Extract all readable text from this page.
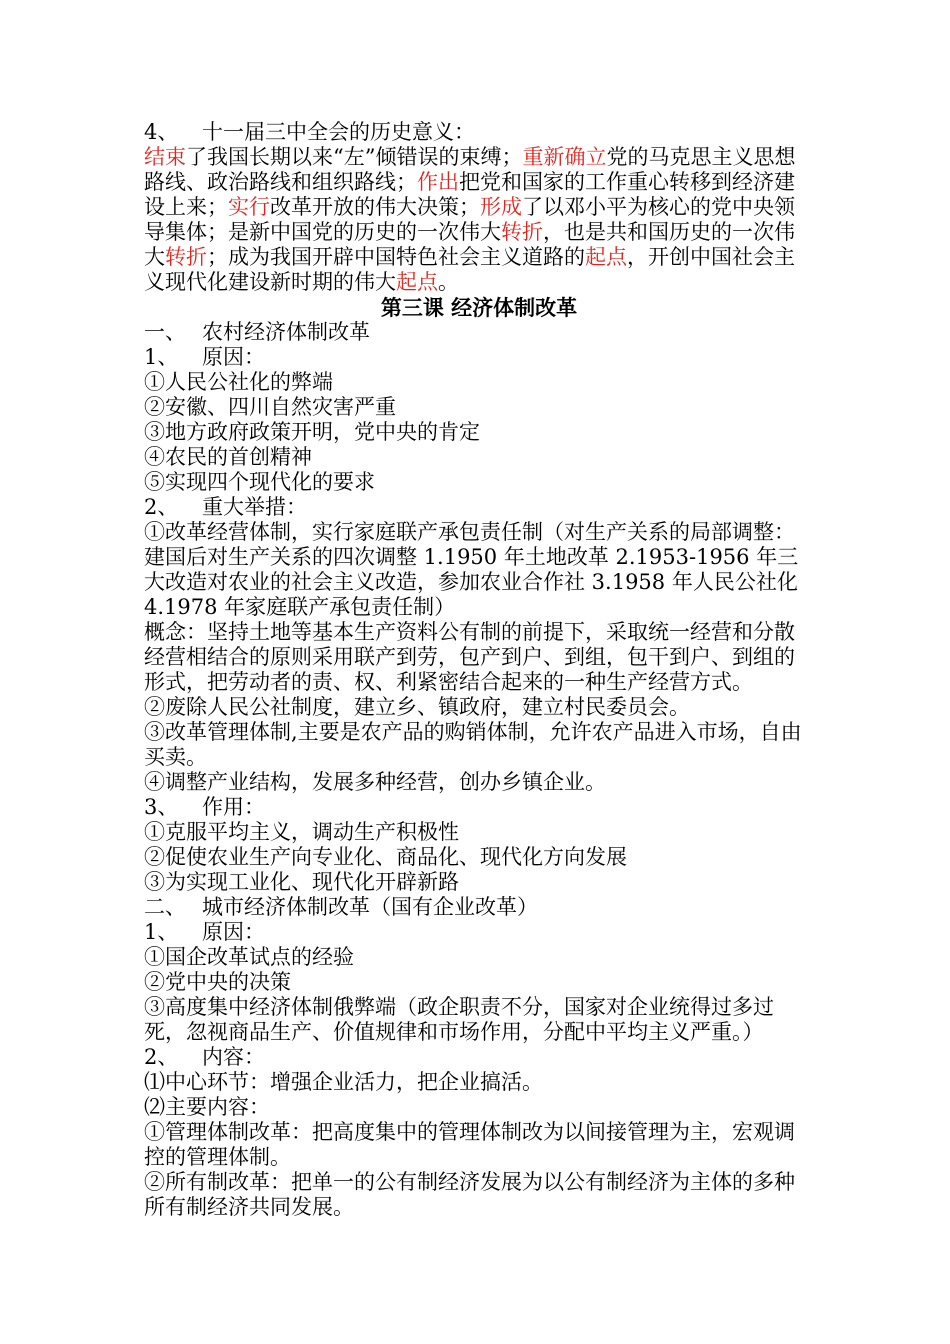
4、 十一届三中全会的历史意义：

结束了我国长期以来“左”倾错误的束缚；重新确立党的马克思主义思想路线、政治路线和组织路线；作出把党和国家的工作重心转移到经济建设上来；实行改革开放的伟大决策；形成了以邓小平为核心的党中央领导集体；是新中国党的历史的一次伟大转折，也是共和国历史的一次伟大转折；成为我国开辟中国特色社会主义道路的起点，开创中国社会主义现代化建设新时期的伟大起点。

第三课 经济体制改革

一、 农村经济体制改革

1、 原因：

①人民公社化的弊端

②安徽、四川自然灾害严重

③地方政府政策开明，党中央的肯定

④农民的首创精神

⑤实现四个现代化的要求

2、 重大举措：

①改革经营体制，实行家庭联产承包责任制（对生产关系的局部调整：建国后对生产关系的四次调整 1.1950 年土地改革 2.1953-1956 年三大改造对农业的社会主义改造，参加农业合作社 3.1958 年人民公社化 4.1978 年家庭联产承包责任制）

概念：坚持土地等基本生产资料公有制的前提下，采取统一经营和分散经营相结合的原则采用联产到劳，包产到户、到组，包干到户、到组的形式，把劳动者的责、权、利紧密结合起来的一种生产经营方式。

②废除人民公社制度，建立乡、镇政府，建立村民委员会。

③改革管理体制,主要是农产品的购销体制，允许农产品进入市场，自由买卖。

④调整产业结构，发展多种经营，创办乡镇企业。

3、 作用：

①克服平均主义，调动生产积极性

②促使农业生产向专业化、商品化、现代化方向发展

③为实现工业化、现代化开辟新路

二、 城市经济体制改革（国有企业改革）

1、 原因：

①国企改革试点的经验

②党中央的决策

③高度集中经济体制俄弊端（政企职责不分，国家对企业统得过多过死，忽视商品生产、价值规律和市场作用，分配中平均主义严重。）

2、 内容：

⑴中心环节：增强企业活力，把企业搞活。

⑵主要内容：

①管理体制改革：把高度集中的管理体制改为以间接管理为主，宏观调控的管理体制。

②所有制改革：把单一的公有制经济发展为以公有制经济为主体的多种所有制经济共同发展。
